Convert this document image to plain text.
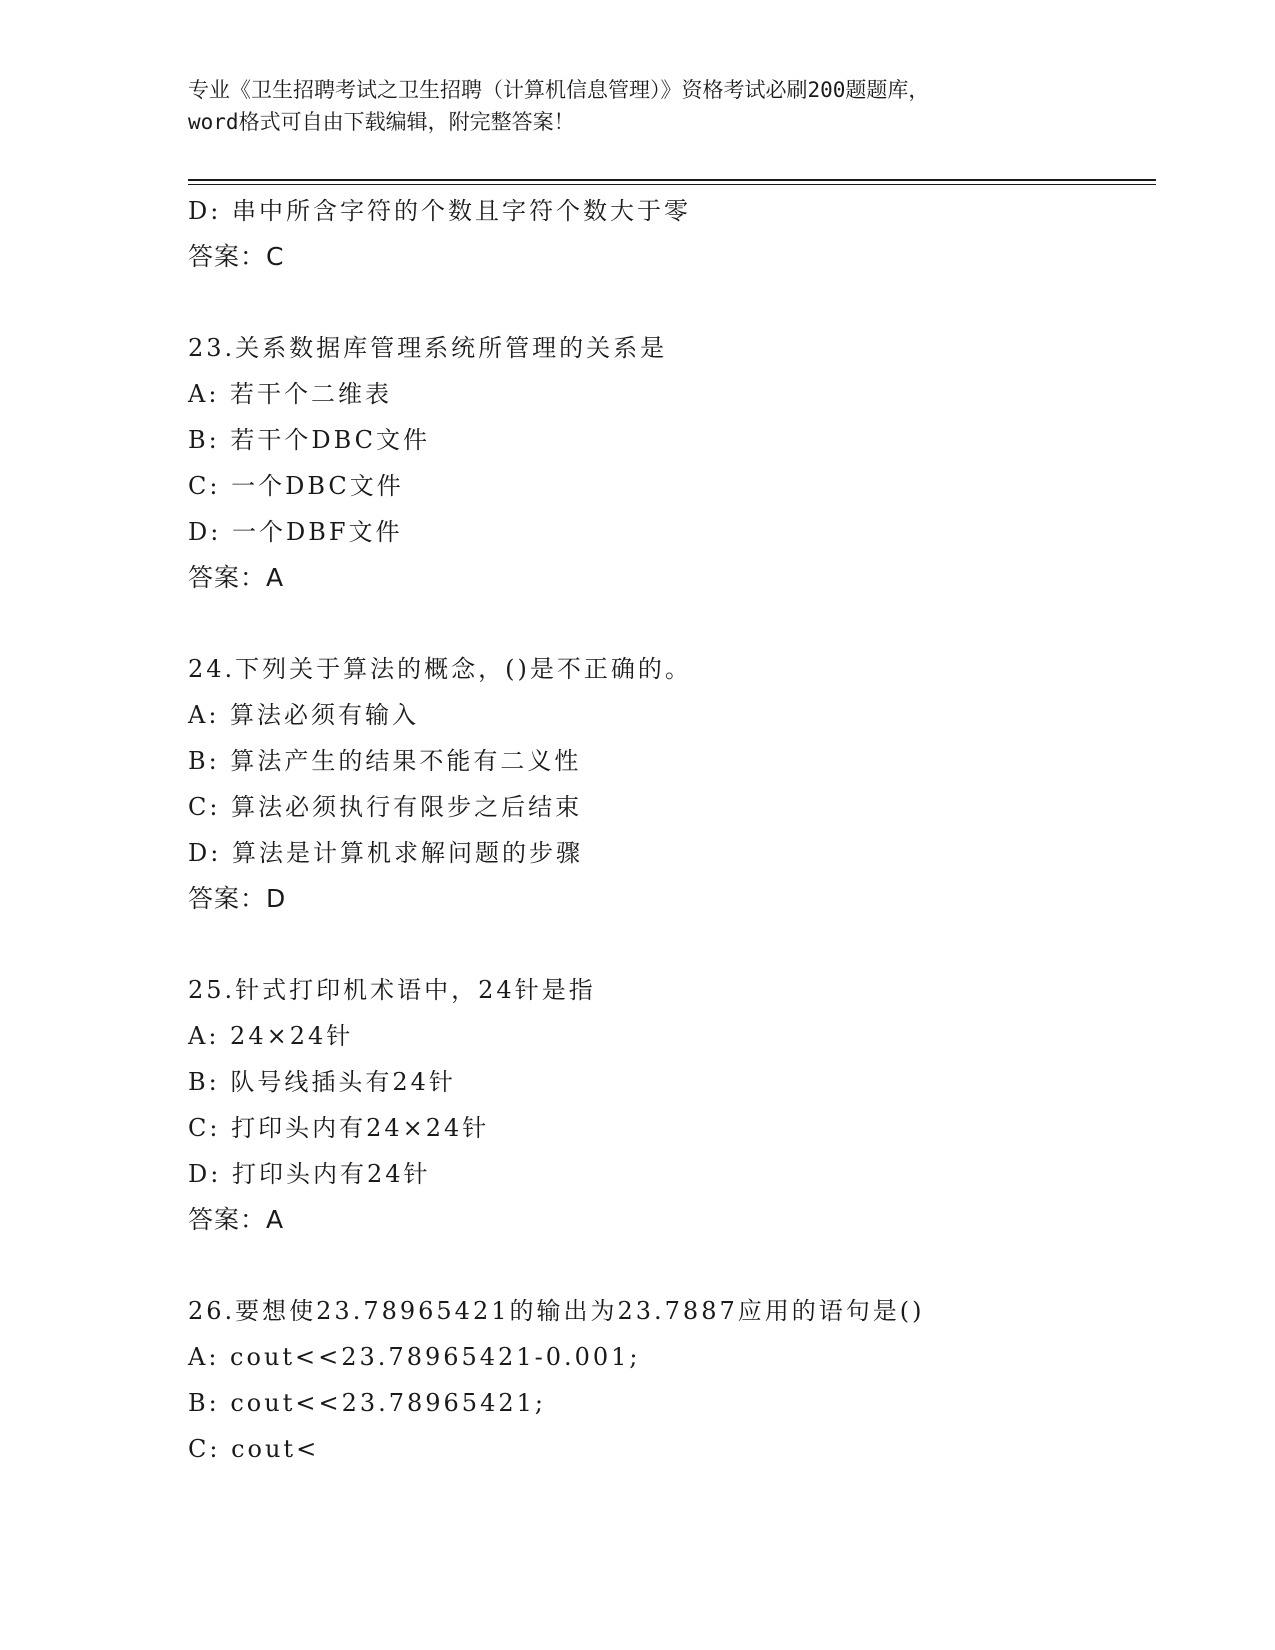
专业《卫生招聘考试之卫生招聘（计算机信息管理）》资格考试必刷200题题库，
word格式可自由下载编辑，附完整答案！
D: 串中所含字符的个数且字符个数大于零
答案：C
23.关系数据库管理系统所管理的关系是
A: 若干个二维表
B: 若干个DBC文件
C: 一个DBC文件
D: 一个DBF文件
答案：A
24.下列关于算法的概念，()是不正确的。
A: 算法必须有输入
B: 算法产生的结果不能有二义性
C: 算法必须执行有限步之后结束
D: 算法是计算机求解问题的步骤
答案：D
25.针式打印机术语中，24针是指
A: 24×24针
B: 队号线插头有24针
C: 打印头内有24×24针
D: 打印头内有24针
答案：A
26.要想使23.78965421的输出为23.7887应用的语句是()
A: cout<<23.78965421-0.001;
B: cout<<23.78965421;
C: cout<
